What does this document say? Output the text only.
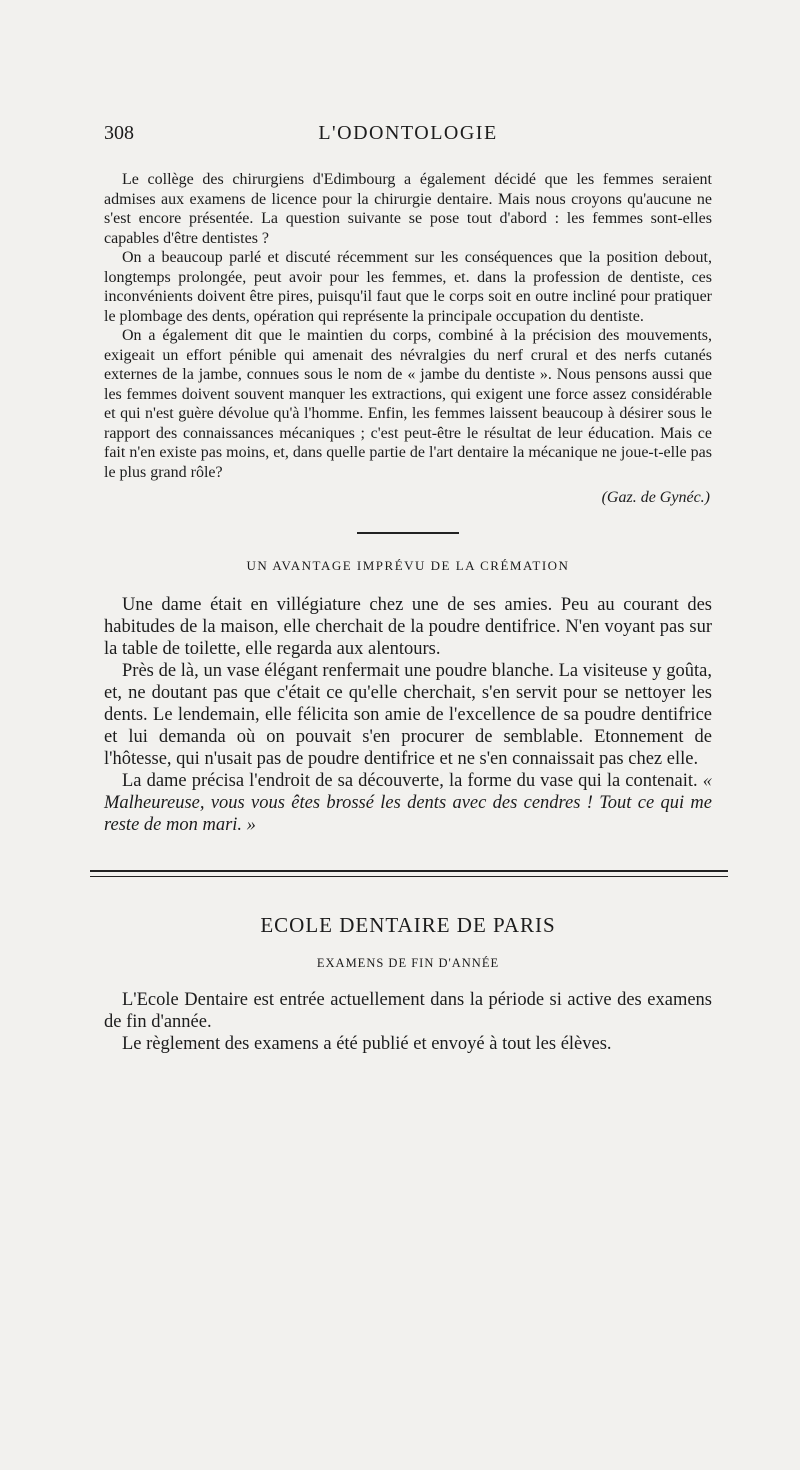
308	L'ODONTOLOGIE

Le collège des chirurgiens d'Edimbourg a également décidé que les femmes seraient admises aux examens de licence pour la chirurgie dentaire. Mais nous croyons qu'aucune ne s'est encore présentée. La question suivante se pose tout d'abord : les femmes sont-elles capables d'être dentistes ?

On a beaucoup parlé et discuté récemment sur les conséquences que la position debout, longtemps prolongée, peut avoir pour les femmes, et. dans la profession de dentiste, ces inconvénients doivent être pires, puisqu'il faut que le corps soit en outre incliné pour pratiquer le plombage des dents, opération qui représente la principale occupation du dentiste.

On a également dit que le maintien du corps, combiné à la précision des mouvements, exigeait un effort pénible qui amenait des névralgies du nerf crural et des nerfs cutanés externes de la jambe, connues sous le nom de « jambe du dentiste ». Nous pensons aussi que les femmes doivent souvent manquer les extractions, qui exigent une force assez considérable et qui n'est guère dévolue qu'à l'homme. Enfin, les femmes laissent beaucoup à désirer sous le rapport des connaissances mécaniques ; c'est peut-être le résultat de leur éducation. Mais ce fait n'en existe pas moins, et, dans quelle partie de l'art dentaire la mécanique ne joue-t-elle pas le plus grand rôle?

(Gaz. de Gynéc.)

UN AVANTAGE IMPRÉVU DE LA CRÉMATION

Une dame était en villégiature chez une de ses amies. Peu au courant des habitudes de la maison, elle cherchait de la poudre dentifrice. N'en voyant pas sur la table de toilette, elle regarda aux alentours.

Près de là, un vase élégant renfermait une poudre blanche. La visiteuse y goûta, et, ne doutant pas que c'était ce qu'elle cherchait, s'en servit pour se nettoyer les dents. Le lendemain, elle félicita son amie de l'excellence de sa poudre dentifrice et lui demanda où on pouvait s'en procurer de semblable. Etonnement de l'hôtesse, qui n'usait pas de poudre dentifrice et ne s'en connaissait pas chez elle.

La dame précisa l'endroit de sa découverte, la forme du vase qui la contenait. « Malheureuse, vous vous êtes brossé les dents avec des cendres ! Tout ce qui me reste de mon mari. »

ECOLE DENTAIRE DE PARIS
EXAMENS DE FIN D'ANNÉE

L'Ecole Dentaire est entrée actuellement dans la période si active des examens de fin d'année.

Le règlement des examens a été publié et envoyé à tout les élèves.
